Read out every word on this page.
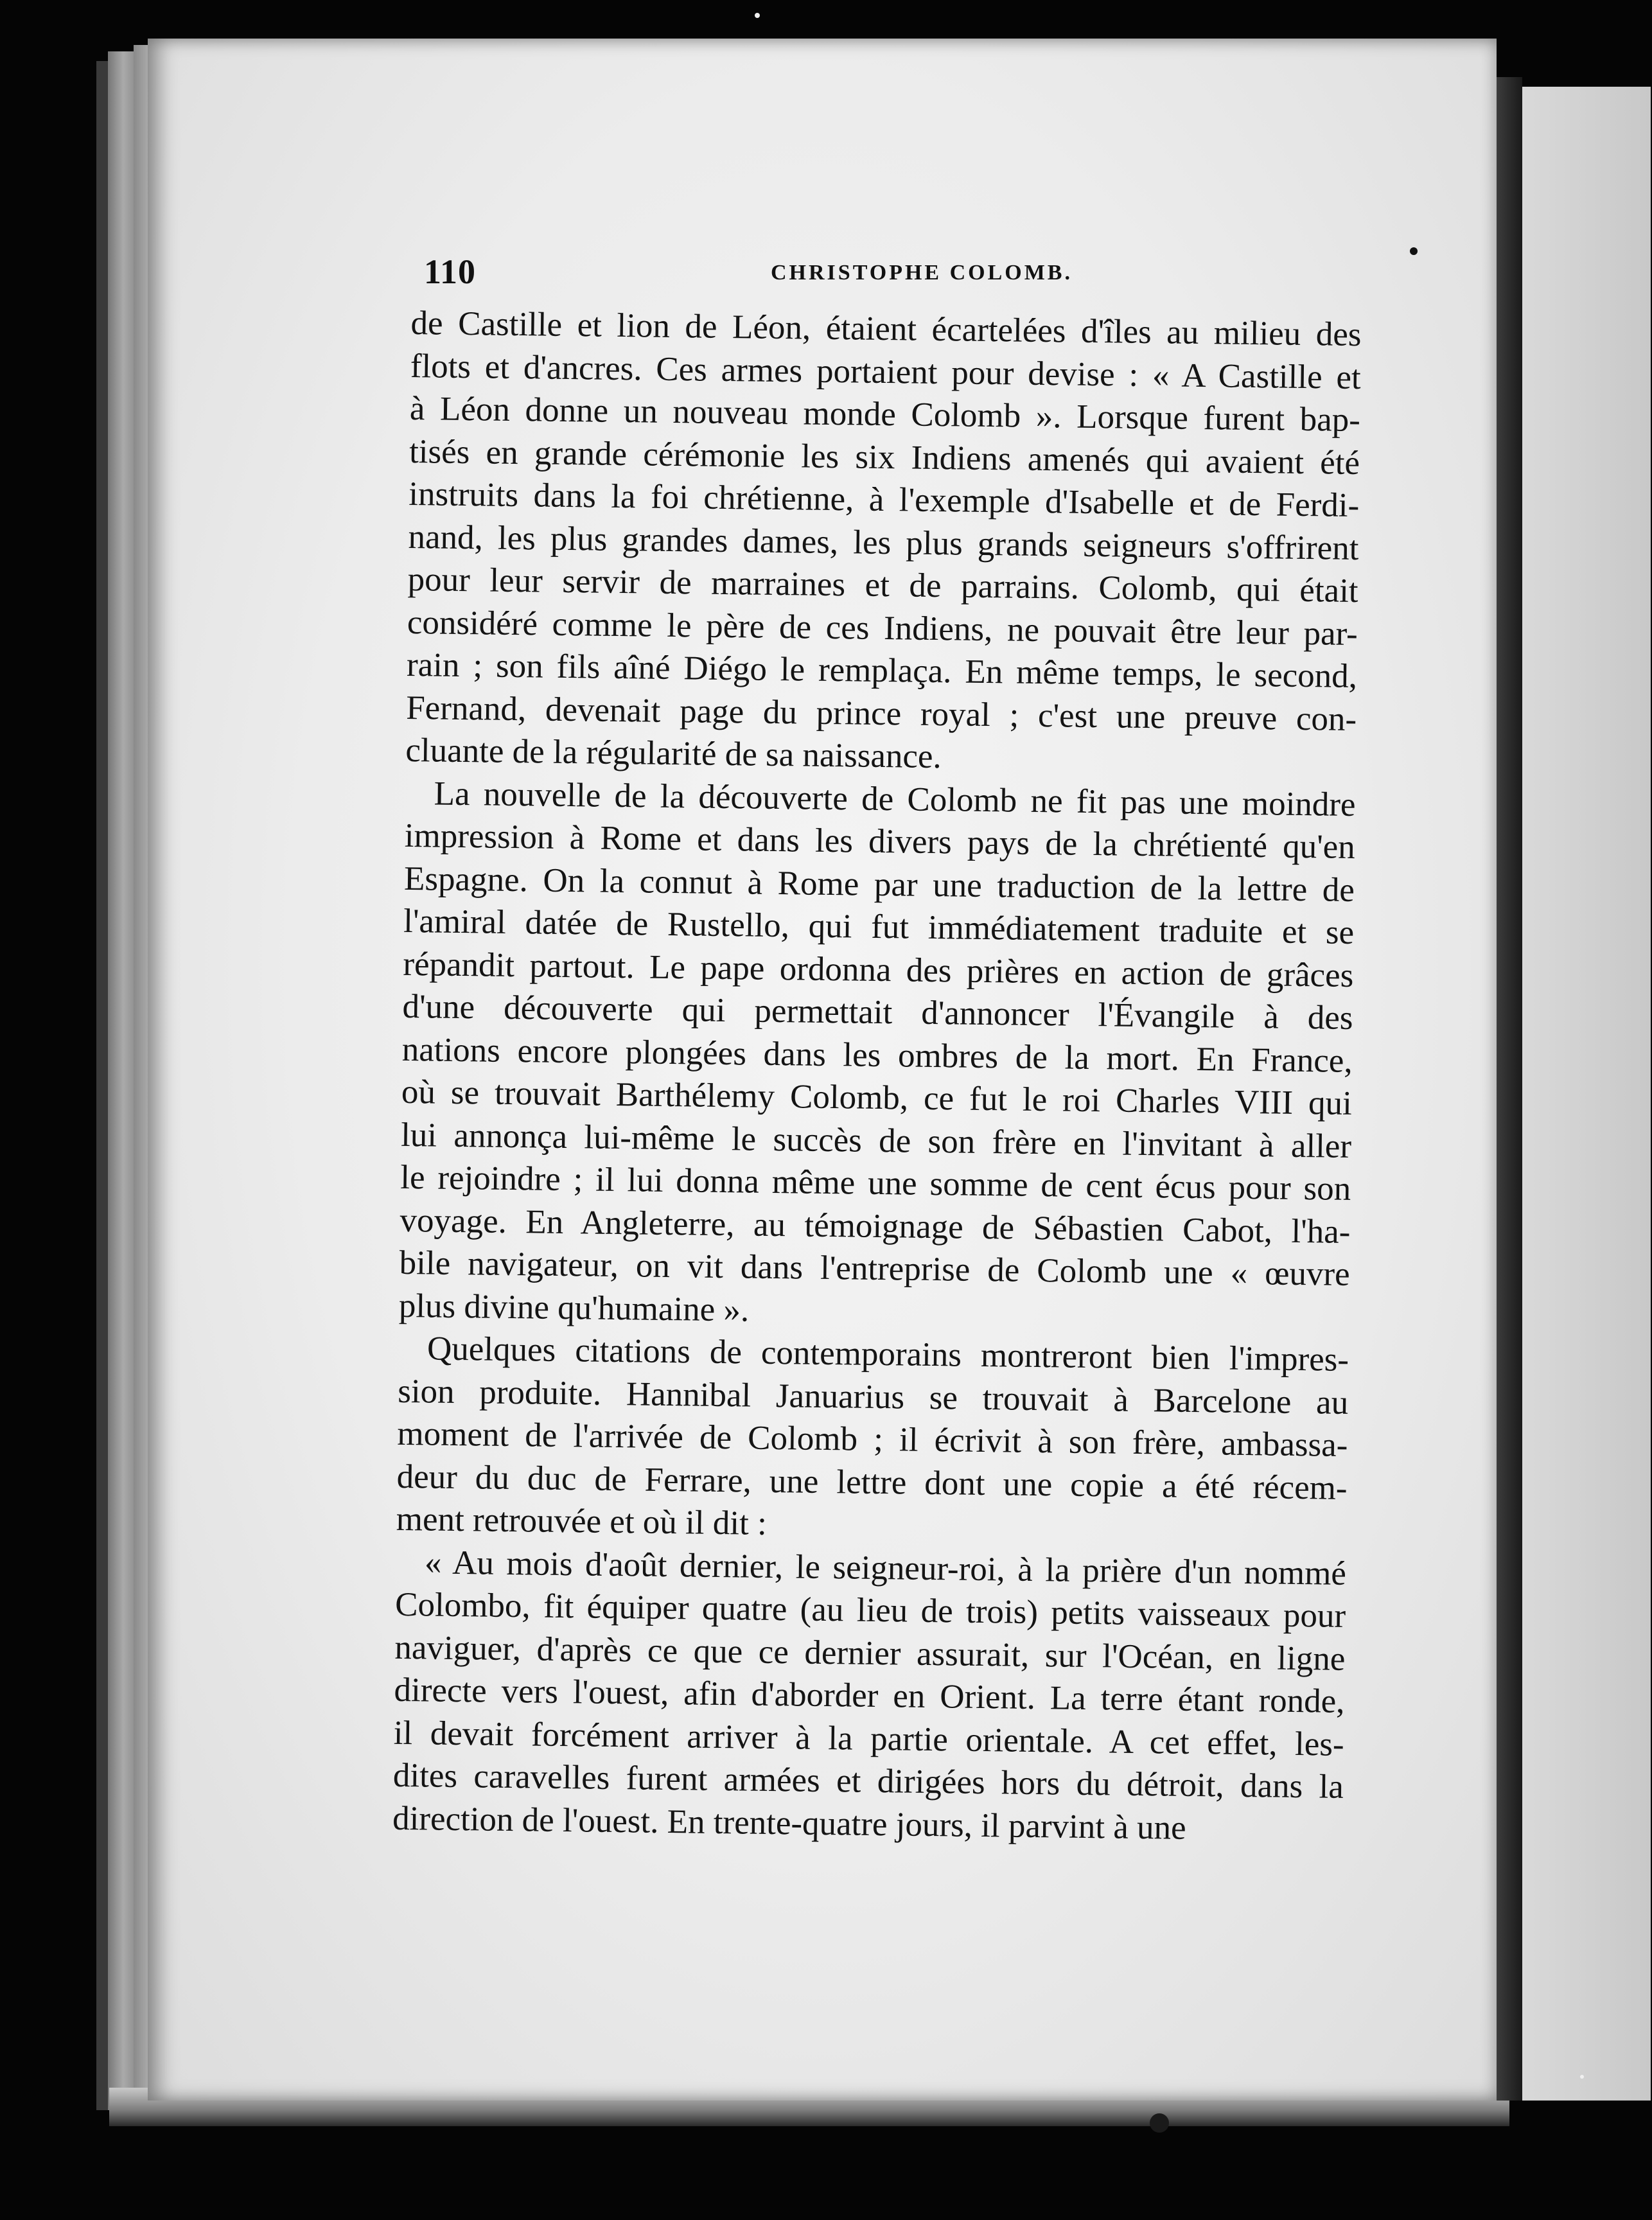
110	CHRISTOPHE COLOMB.
de Castille et lion de Léon, étaient écartelées d'îles au milieu des
flots et d'ancres. Ces armes portaient pour devise : « A Castille et
à Léon donne un nouveau monde Colomb ». Lorsque furent bap-
tisés en grande cérémonie les six Indiens amenés qui avaient été
instruits dans la foi chrétienne, à l'exemple d'Isabelle et de Ferdi-
nand, les plus grandes dames, les plus grands seigneurs s'offrirent
pour leur servir de marraines et de parrains. Colomb, qui était
considéré comme le père de ces Indiens, ne pouvait être leur par-
rain ; son fils aîné Diégo le remplaça. En même temps, le second,
Fernand, devenait page du prince royal ; c'est une preuve con-
cluante de la régularité de sa naissance.
La nouvelle de la découverte de Colomb ne fit pas une moindre
impression à Rome et dans les divers pays de la chrétienté qu'en
Espagne. On la connut à Rome par une traduction de la lettre de
l'amiral datée de Rustello, qui fut immédiatement traduite et se
répandit partout. Le pape ordonna des prières en action de grâces
d'une découverte qui permettait d'annoncer l'Évangile à des
nations encore plongées dans les ombres de la mort. En France,
où se trouvait Barthélemy Colomb, ce fut le roi Charles VIII qui
lui annonça lui-même le succès de son frère en l'invitant à aller
le rejoindre ; il lui donna même une somme de cent écus pour son
voyage. En Angleterre, au témoignage de Sébastien Cabot, l'ha-
bile navigateur, on vit dans l'entreprise de Colomb une « œuvre
plus divine qu'humaine ».
Quelques citations de contemporains montreront bien l'impres-
sion produite. Hannibal Januarius se trouvait à Barcelone au
moment de l'arrivée de Colomb ; il écrivit à son frère, ambassa-
deur du duc de Ferrare, une lettre dont une copie a été récem-
ment retrouvée et où il dit :
« Au mois d'août dernier, le seigneur-roi, à la prière d'un nommé
Colombo, fit équiper quatre (au lieu de trois) petits vaisseaux pour
naviguer, d'après ce que ce dernier assurait, sur l'Océan, en ligne
directe vers l'ouest, afin d'aborder en Orient. La terre étant ronde,
il devait forcément arriver à la partie orientale. A cet effet, les-
dites caravelles furent armées et dirigées hors du détroit, dans la
direction de l'ouest. En trente-quatre jours, il parvint à une
